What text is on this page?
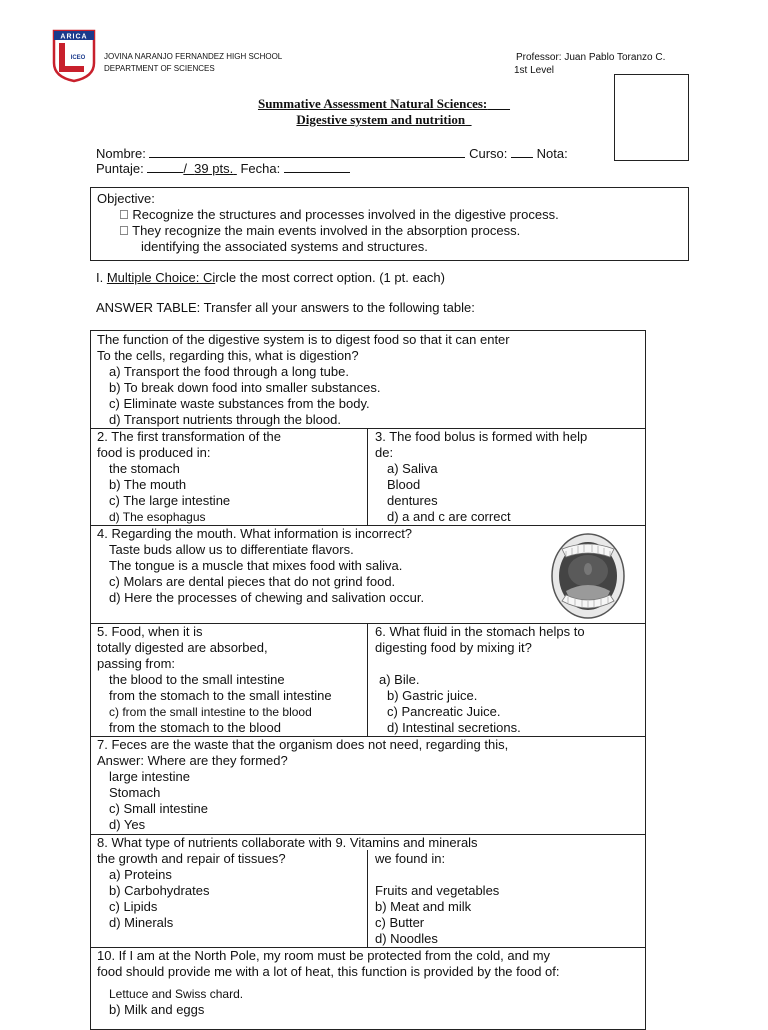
ARICA
ICEO JOVINA NARANJO FERNANDEZ HIGH SCHOOL
DEPARTMENT OF SCIENCES
Professor: Juan Pablo Toranzo C.
1st Level
Summative Assessment Natural Sciences:
Digestive system and nutrition
Nombre:	Curso: Nota:
Puntaje:	/  39 pts. Fecha:
Objective:
  Recognize the structures and processes involved in the digestive process.
  They recognize the main events involved in the absorption process.
identifying the associated systems and structures.
I. Multiple Choice: Circle the most correct option. (1 pt. each)
ANSWER TABLE: Transfer all your answers to the following table:
The function of the digestive system is to digest food so that it can enter
To the cells, regarding this, what is digestion?
a) Transport the food through a long tube.
b) To break down food into smaller substances.
c) Eliminate waste substances from the body.
d) Transport nutrients through the blood.
2. The first transformation of the
food is produced in:
the stomach
b) The mouth
c) The large intestine
d) The esophagus
3. The food bolus is formed with help
de:
a) Saliva
Blood
dentures
d) a and c are correct
4. Regarding the mouth. What information is incorrect?
Taste buds allow us to differentiate flavors.
The tongue is a muscle that mixes food with saliva.
c) Molars are dental pieces that do not grind food.
d) Here the processes of chewing and salivation occur.
5. Food, when it is
totally digested are absorbed,
passing from:
the blood to the small intestine
from the stomach to the small intestine
c) from the small intestine to the blood
from the stomach to the blood
6. What fluid in the stomach helps to
digesting food by mixing it?
a) Bile.
b) Gastric juice.
c) Pancreatic Juice.
d) Intestinal secretions.
7. Feces are the waste that the organism does not need, regarding this,
Answer: Where are they formed?
large intestine
Stomach
c) Small intestine
d) Yes
8. What type of nutrients collaborate with 9. Vitamins and minerals
the growth and repair of tissues?
a) Proteins
b) Carbohydrates
c) Lipids
d) Minerals
we found in:
Fruits and vegetables
b) Meat and milk
c) Butter
d) Noodles
10. If I am at the North Pole, my room must be protected from the cold, and my
food should provide me with a lot of heat, this function is provided by the food of:
Lettuce and Swiss chard.
b) Milk and eggs
